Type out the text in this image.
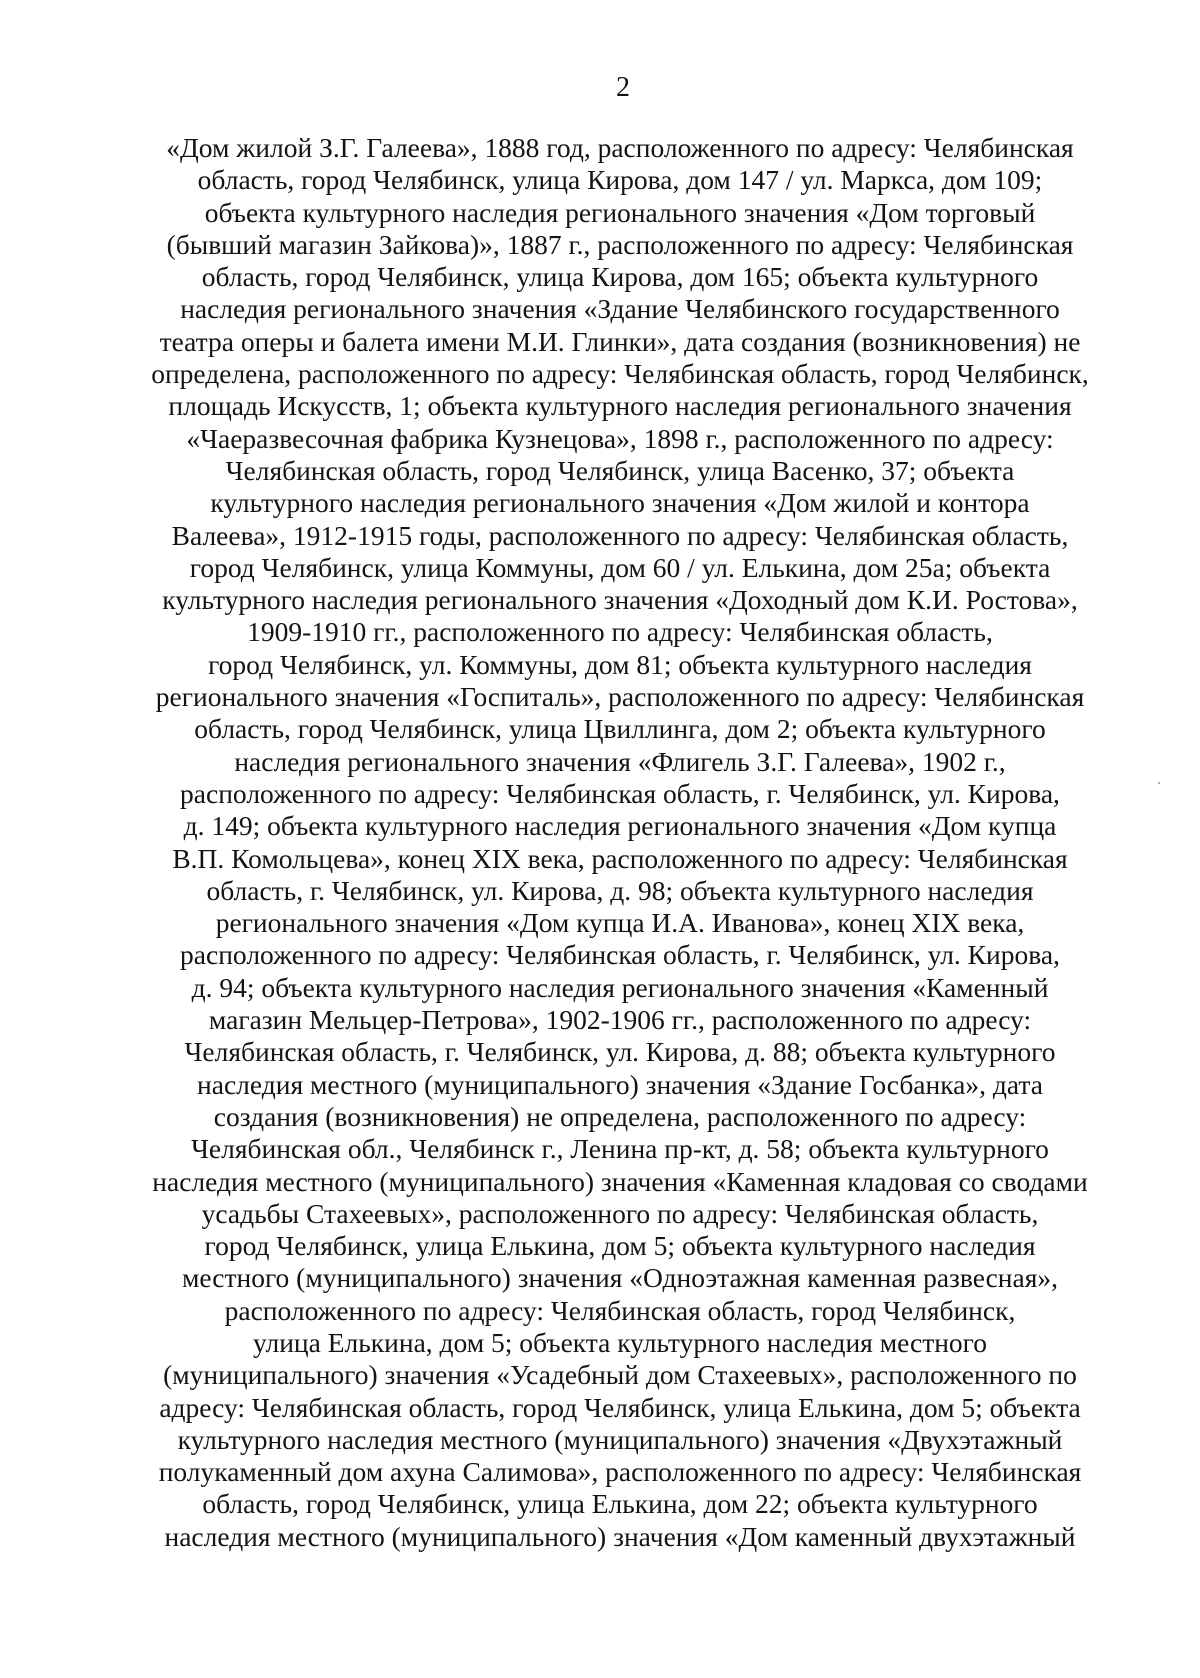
2
«Дом жилой З.Г. Галеева», 1888 год, расположенного по адресу: Челябинская
область, город Челябинск, улица Кирова, дом 147 / ул. Маркса, дом 109;
объекта культурного наследия регионального значения «Дом торговый
(бывший магазин Зайкова)», 1887 г., расположенного по адресу: Челябинская
область, город Челябинск, улица Кирова, дом 165; объекта культурного
наследия регионального значения «Здание Челябинского государственного
театра оперы и балета имени М.И. Глинки», дата создания (возникновения) не
определена, расположенного по адресу: Челябинская область, город Челябинск,
площадь Искусств, 1; объекта культурного наследия регионального значения
«Чаеразвесочная фабрика Кузнецова», 1898 г., расположенного по адресу:
Челябинская область, город Челябинск, улица Васенко, 37; объекта
культурного наследия регионального значения «Дом жилой и контора
Валеева», 1912-1915 годы, расположенного по адресу: Челябинская область,
город Челябинск, улица Коммуны, дом 60 / ул. Елькина, дом 25а; объекта
культурного наследия регионального значения «Доходный дом К.И. Ростова»,
1909-1910 гг., расположенного по адресу: Челябинская область,
город Челябинск, ул. Коммуны, дом 81; объекта культурного наследия
регионального значения «Госпиталь», расположенного по адресу: Челябинская
область, город Челябинск, улица Цвиллинга, дом 2; объекта культурного
наследия регионального значения «Флигель З.Г. Галеева», 1902 г.,
расположенного по адресу: Челябинская область, г. Челябинск, ул. Кирова,
д. 149; объекта культурного наследия регионального значения «Дом купца
В.П. Комольцева», конец XIX века, расположенного по адресу: Челябинская
область, г. Челябинск, ул. Кирова, д. 98; объекта культурного наследия
регионального значения «Дом купца И.А. Иванова», конец XIX века,
расположенного по адресу: Челябинская область, г. Челябинск, ул. Кирова,
д. 94; объекта культурного наследия регионального значения «Каменный
магазин Мельцер-Петрова», 1902-1906 гг., расположенного по адресу:
Челябинская область, г. Челябинск, ул. Кирова, д. 88; объекта культурного
наследия местного (муниципального) значения «Здание Госбанка», дата
создания (возникновения) не определена, расположенного по адресу:
Челябинская обл., Челябинск г., Ленина пр-кт, д. 58; объекта культурного
наследия местного (муниципального) значения «Каменная кладовая со сводами
усадьбы Стахеевых», расположенного по адресу: Челябинская область,
город Челябинск, улица Елькина, дом 5; объекта культурного наследия
местного (муниципального) значения «Одноэтажная каменная развесная»,
расположенного по адресу: Челябинская область, город Челябинск,
улица Елькина, дом 5; объекта культурного наследия местного
(муниципального) значения «Усадебный дом Стахеевых», расположенного по
адресу: Челябинская область, город Челябинск, улица Елькина, дом 5; объекта
культурного наследия местного (муниципального) значения «Двухэтажный
полукаменный дом ахуна Салимова», расположенного по адресу: Челябинская
область, город Челябинск, улица Елькина, дом 22; объекта культурного
наследия местного (муниципального) значения «Дом каменный двухэтажный
